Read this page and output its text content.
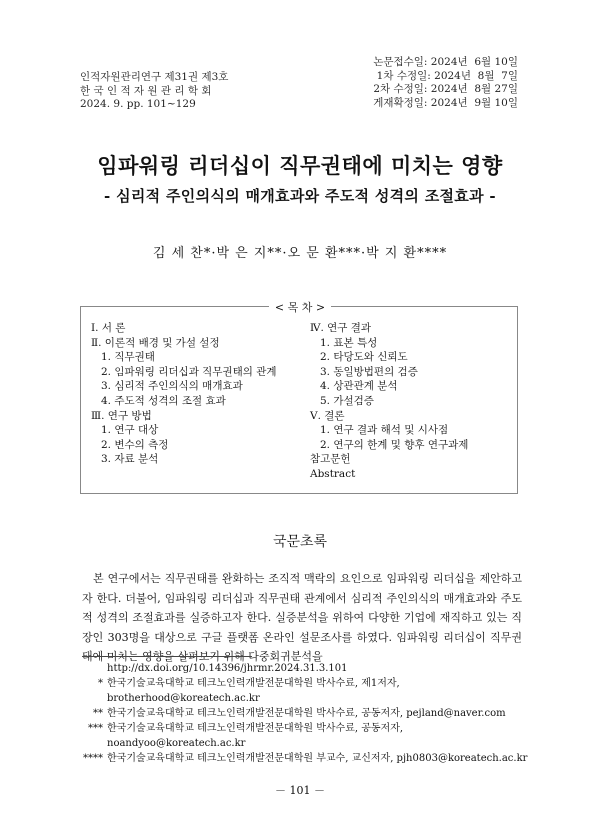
인적자원관리연구 제31권 제3호
한 국 인 적 자 원 관 리 학 회
2024. 9. pp. 101∼129
논문접수일: 2024년  6월 10일
1차 수정일: 2024년  8월  7일
2차 수정일: 2024년  8월 27일
게재확정일: 2024년  9월 10일
임파워링 리더십이 직무권태에 미치는 영향
- 심리적 주인의식의 매개효과와 주도적 성격의 조절효과 -
김 세 찬*·박 은 지**·오 문 환***·박 지 환****
Ⅰ. 서 론
Ⅱ. 이론적 배경 및 가설 설정
1. 직무권태
2. 임파워링 리더십과 직무권태의 관계
3. 심리적 주인의식의 매개효과
4. 주도적 성격의 조절 효과
Ⅲ. 연구 방법
1. 연구 대상
2. 변수의 측정
3. 자료 분석
Ⅳ. 연구 결과
1. 표본 특성
2. 타당도와 신뢰도
3. 동일방법편의 검증
4. 상관관계 분석
5. 가설검증
Ⅴ. 결론
1. 연구 결과 해석 및 시사점
2. 연구의 한계 및 향후 연구과제
참고문헌
Abstract
< 목 차 >
국문초록
본 연구에서는 직무권태를 완화하는 조직적 맥락의 요인으로 임파워링 리더십을 제안하고자 한다. 더불어, 임파워링 리더십과 직무권태 관계에서 심리적 주인의식의 매개효과와 주도적 성격의 조절효과를 실증하고자 한다. 실증분석을 위하여 다양한 기업에 재직하고 있는 직장인 303명을 대상으로 구글 플랫폼 온라인 설문조사를 하였다. 임파워링 리더십이 직무권태에 미치는 영향을 살펴보기 위해 다중회귀분석을
http://dx.doi.org/10.14396/jhrmr.2024.31.3.101
* 한국기술교육대학교 테크노인력개발전문대학원 박사수료, 제1저자, brotherhood@koreatech.ac.kr
** 한국기술교육대학교 테크노인력개발전문대학원 박사수료, 공동저자, pejland@naver.com
*** 한국기술교육대학교 테크노인력개발전문대학원 박사수료, 공동저자, noandyoo@koreatech.ac.kr
**** 한국기술교육대학교 테크노인력개발전문대학원 부교수, 교신저자, pjh0803@koreatech.ac.kr
－ 101 －
